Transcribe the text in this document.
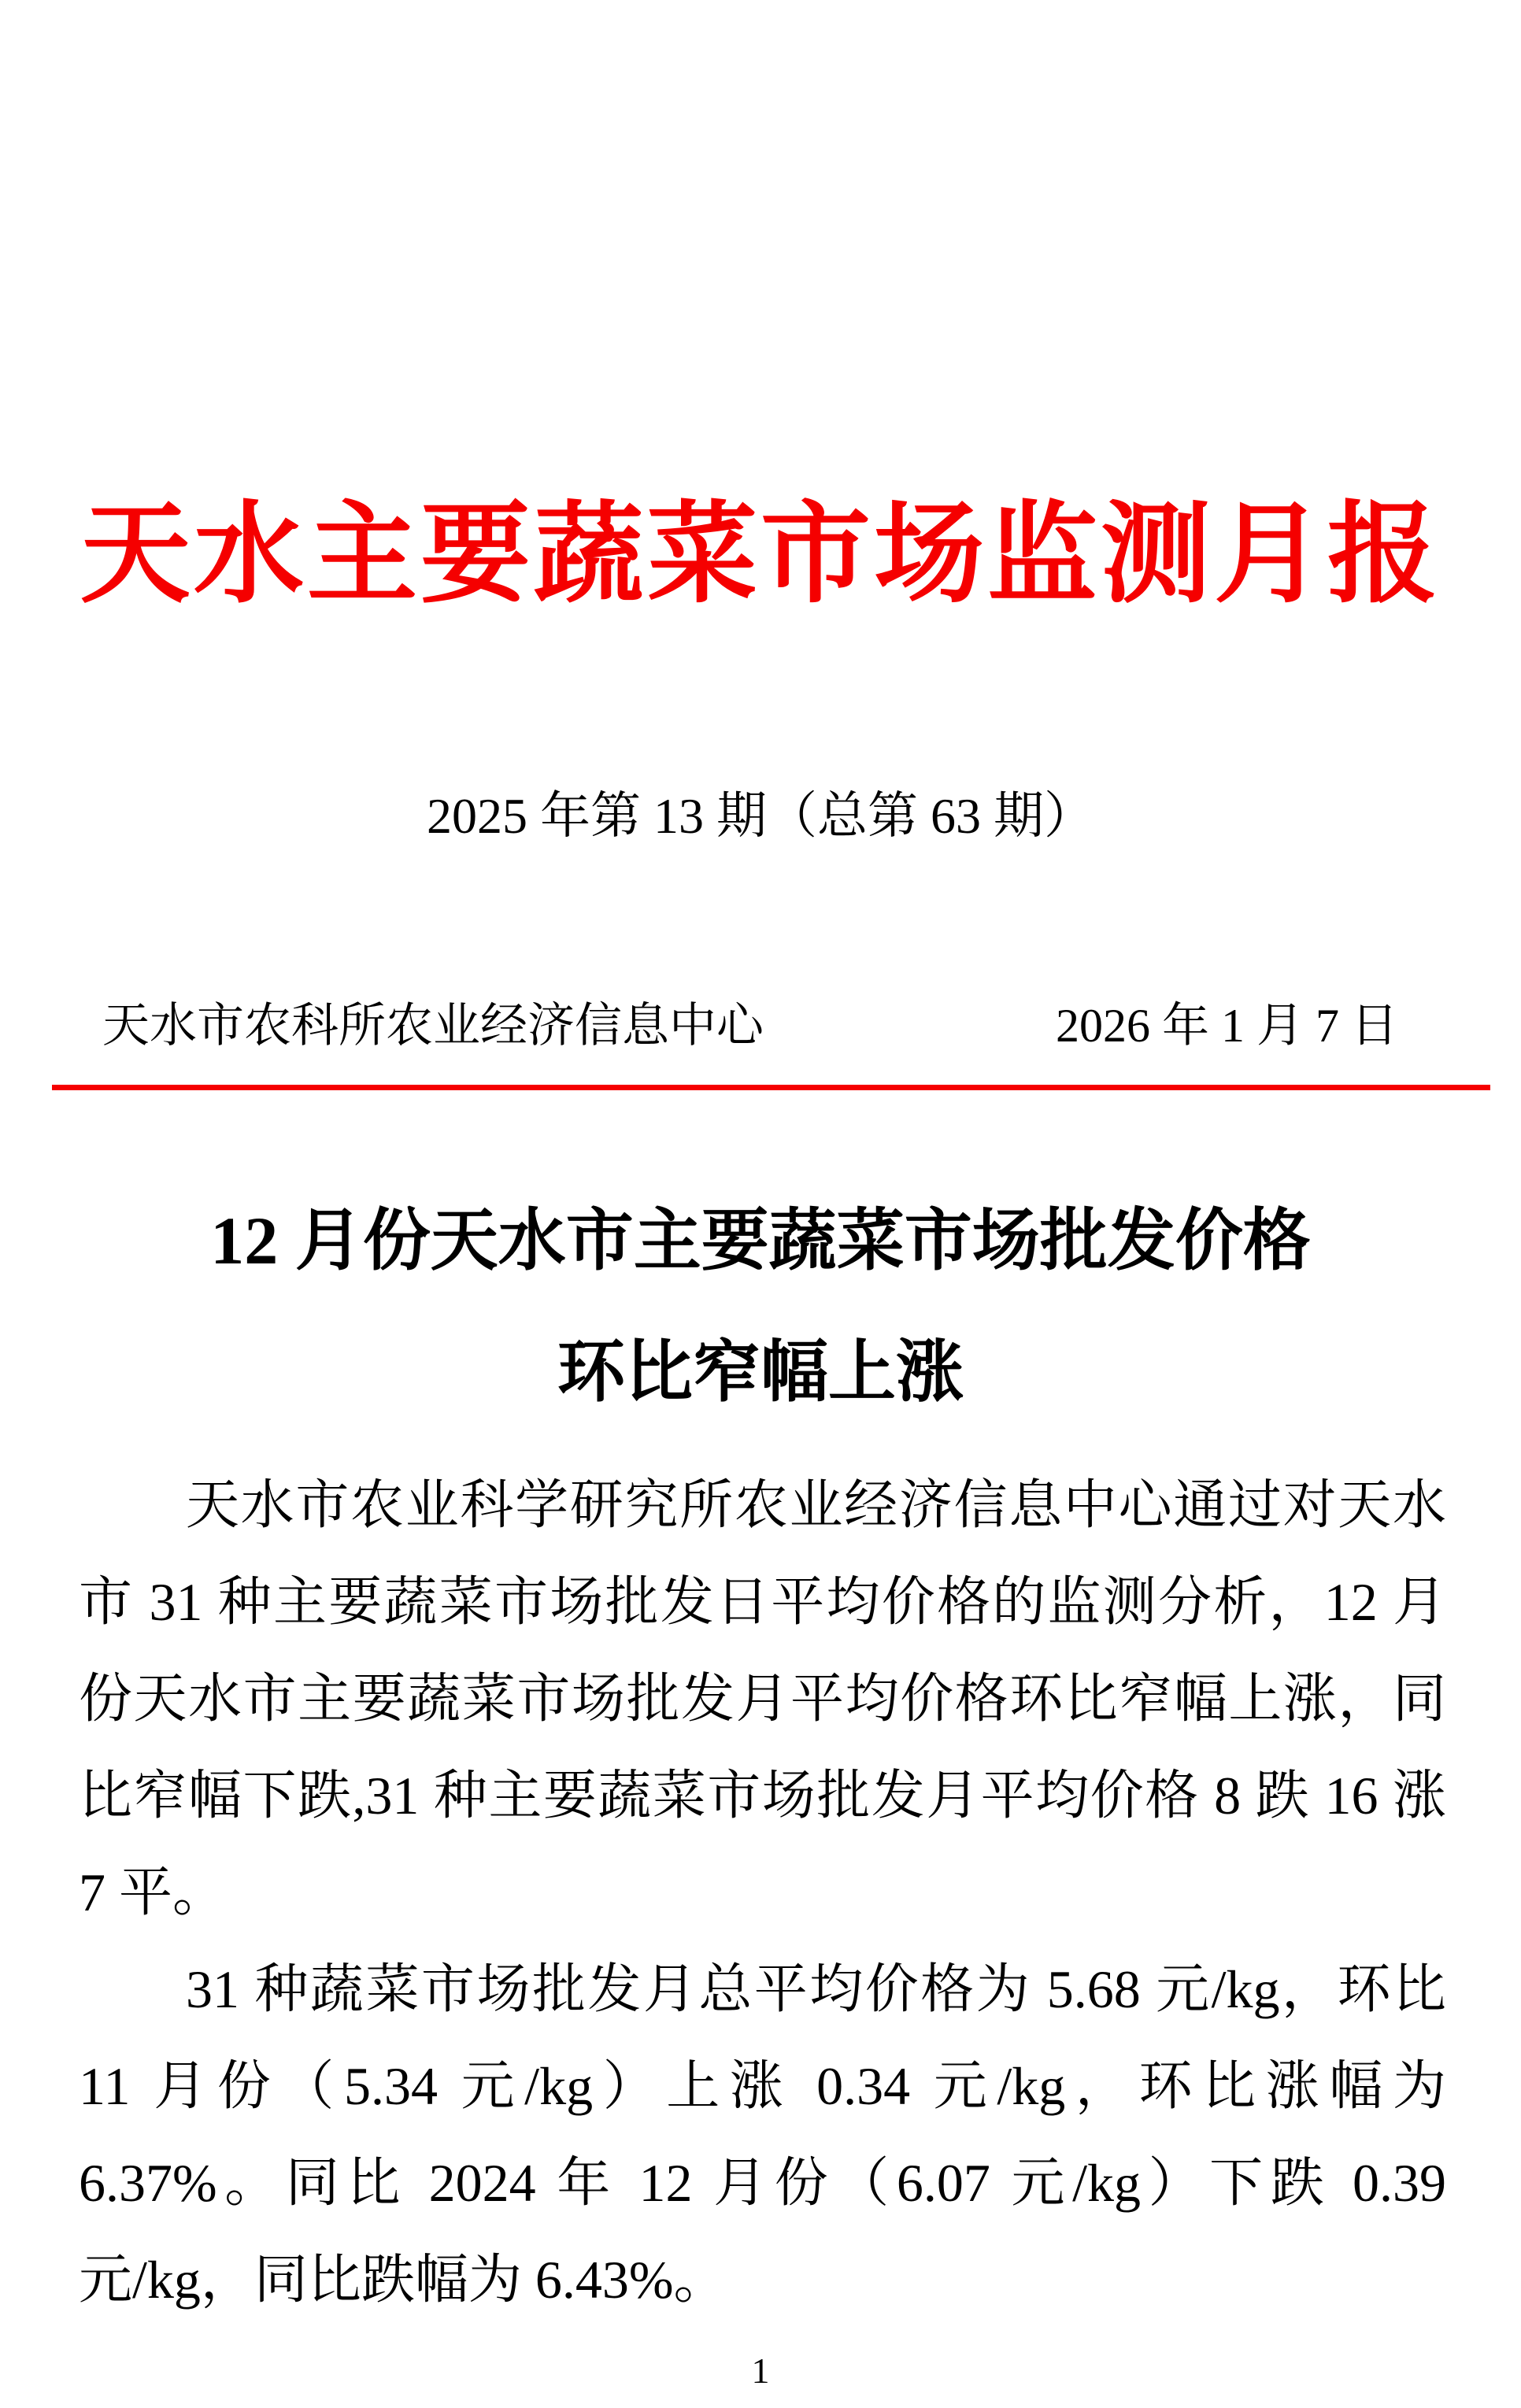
天水主要蔬菜市场监测月报
2025 年第 13 期（总第 63 期）
天水市农科所农业经济信息中心	2026 年 1 月 7 日
12 月份天水市主要蔬菜市场批发价格
环比窄幅上涨

天水市农业科学研究所农业经济信息中心通过对天水市 31 种主要蔬菜市场批发日平均价格的监测分析，12 月份天水市主要蔬菜市场批发月平均价格环比窄幅上涨，同比窄幅下跌,31 种主要蔬菜市场批发月平均价格 8 跌 16 涨 7 平。

31 种蔬菜市场批发月总平均价格为 5.68 元/kg，环比 11 月份（5.34 元/kg）上涨 0.34 元/kg，环比涨幅为 6.37%。同比 2024 年 12 月份（6.07 元/kg）下跌 0.39 元/kg，同比跌幅为 6.43%。

1
